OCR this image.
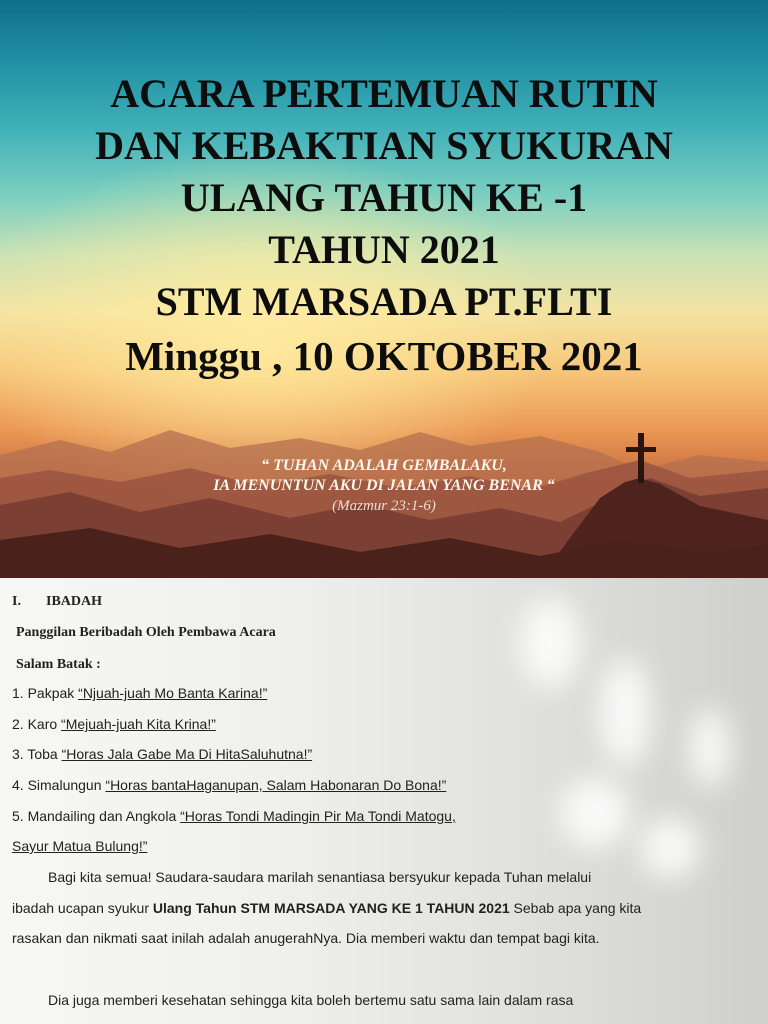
ACARA PERTEMUAN RUTIN
DAN KEBAKTIAN SYUKURAN
ULANG TAHUN KE -1
TAHUN 2021
STM MARSADA PT.FLTI
Minggu , 10 OKTOBER 2021
“ TUHAN ADALAH GEMBALAKU,
IA MENUNTUN AKU DI JALAN YANG BENAR “
(Mazmur 23:1-6)
I. IBADAH
Panggilan Beribadah Oleh Pembawa Acara
Salam Batak :
1. Pakpak “Njuah-juah Mo Banta Karina!”
2. Karo “Mejuah-juah Kita Krina!”
3. Toba “Horas Jala Gabe Ma Di HitaSaluhutna!”
4. Simalungun “Horas bantaHaganupan, Salam Habonaran Do Bona!”
5. Mandailing dan Angkola “Horas Tondi Madingin Pir Ma Tondi Matogu,
Sayur Matua Bulung!”
Bagi kita semua! Saudara-saudara marilah senantiasa bersyukur kepada Tuhan melalui
ibadah ucapan syukur Ulang Tahun STM MARSADA YANG KE 1 TAHUN 2021 Sebab apa yang kita
rasakan dan nikmati saat inilah adalah anugerahNya. Dia memberi waktu dan tempat bagi kita.
Dia juga memberi kesehatan sehingga kita boleh bertemu satu sama lain dalam rasa
